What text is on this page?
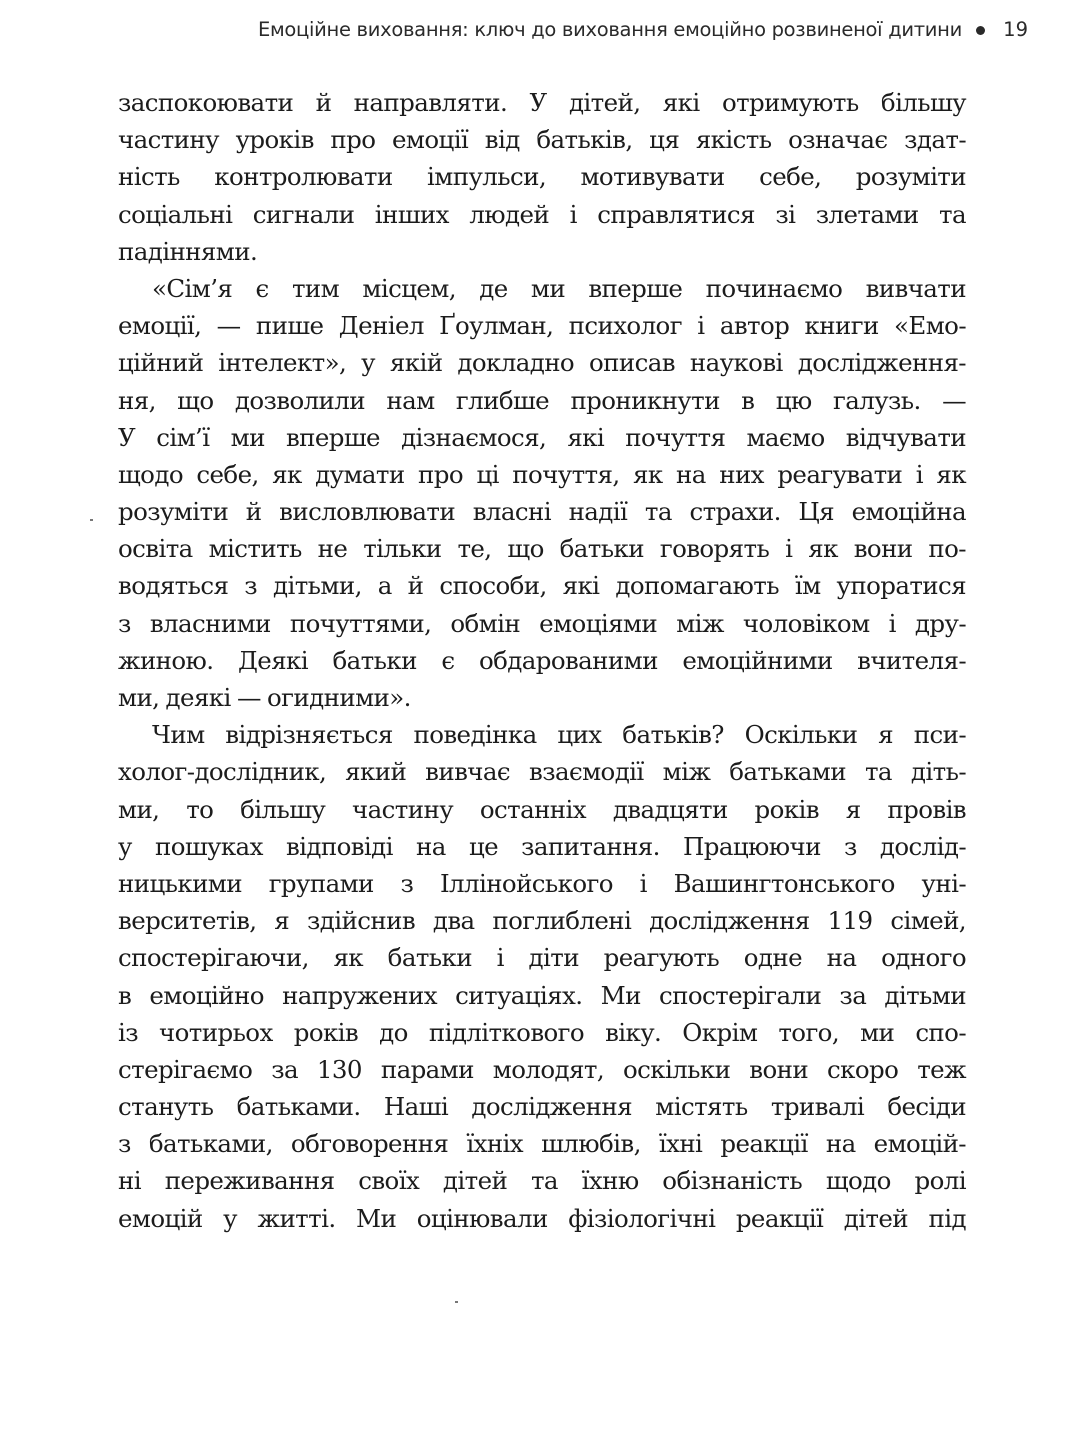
Емоційне виховання: ключ до виховання емоційно розвиненої дитини 19
заспокоювати й направляти. У дітей, які отримують більшу
частину уроків про емоції від батьків, ця якість означає здат-
ність контролювати імпульси, мотивувати себе, розуміти
соціальні сигнали інших людей і справлятися зі злетами та
падіннями.
«Сім’я є тим місцем, де ми вперше починаємо вивчати
емоції, — пише Деніел Ґоулман, психолог і автор книги «Емо-
ційний інтелект», у якій докладно описав наукові дослідження-
ня, що дозволили нам глибше проникнути в цю галузь. —
У сім’ї ми вперше дізнаємося, які почуття маємо відчувати
щодо себе, як думати про ці почуття, як на них реагувати і як
розуміти й висловлювати власні надії та страхи. Ця емоційна
освіта містить не тільки те, що батьки говорять і як вони по-
водяться з дітьми, а й способи, які допомагають їм упоратися
з власними почуттями, обмін емоціями між чоловіком і дру-
жиною. Деякі батьки є обдарованими емоційними вчителя-
ми, деякі — огидними».
Чим відрізняється поведінка цих батьків? Оскільки я пси-
холог-дослідник, який вивчає взаємодії між батьками та діть-
ми, то більшу частину останніх двадцяти років я провів
у пошуках відповіді на це запитання. Працюючи з дослід-
ницькими групами з Іллінойського і Вашингтонського уні-
верситетів, я здійснив два поглиблені дослідження 119 сімей,
спостерігаючи, як батьки і діти реагують одне на одного
в емоційно напружених ситуаціях. Ми спостерігали за дітьми
із чотирьох років до підліткового віку. Окрім того, ми спо-
стерігаємо за 130 парами молодят, оскільки вони скоро теж
стануть батьками. Наші дослідження містять тривалі бесіди
з батьками, обговорення їхніх шлюбів, їхні реакції на емоцій-
ні переживання своїх дітей та їхню обізнаність щодо ролі
емоцій у житті. Ми оцінювали фізіологічні реакції дітей під
